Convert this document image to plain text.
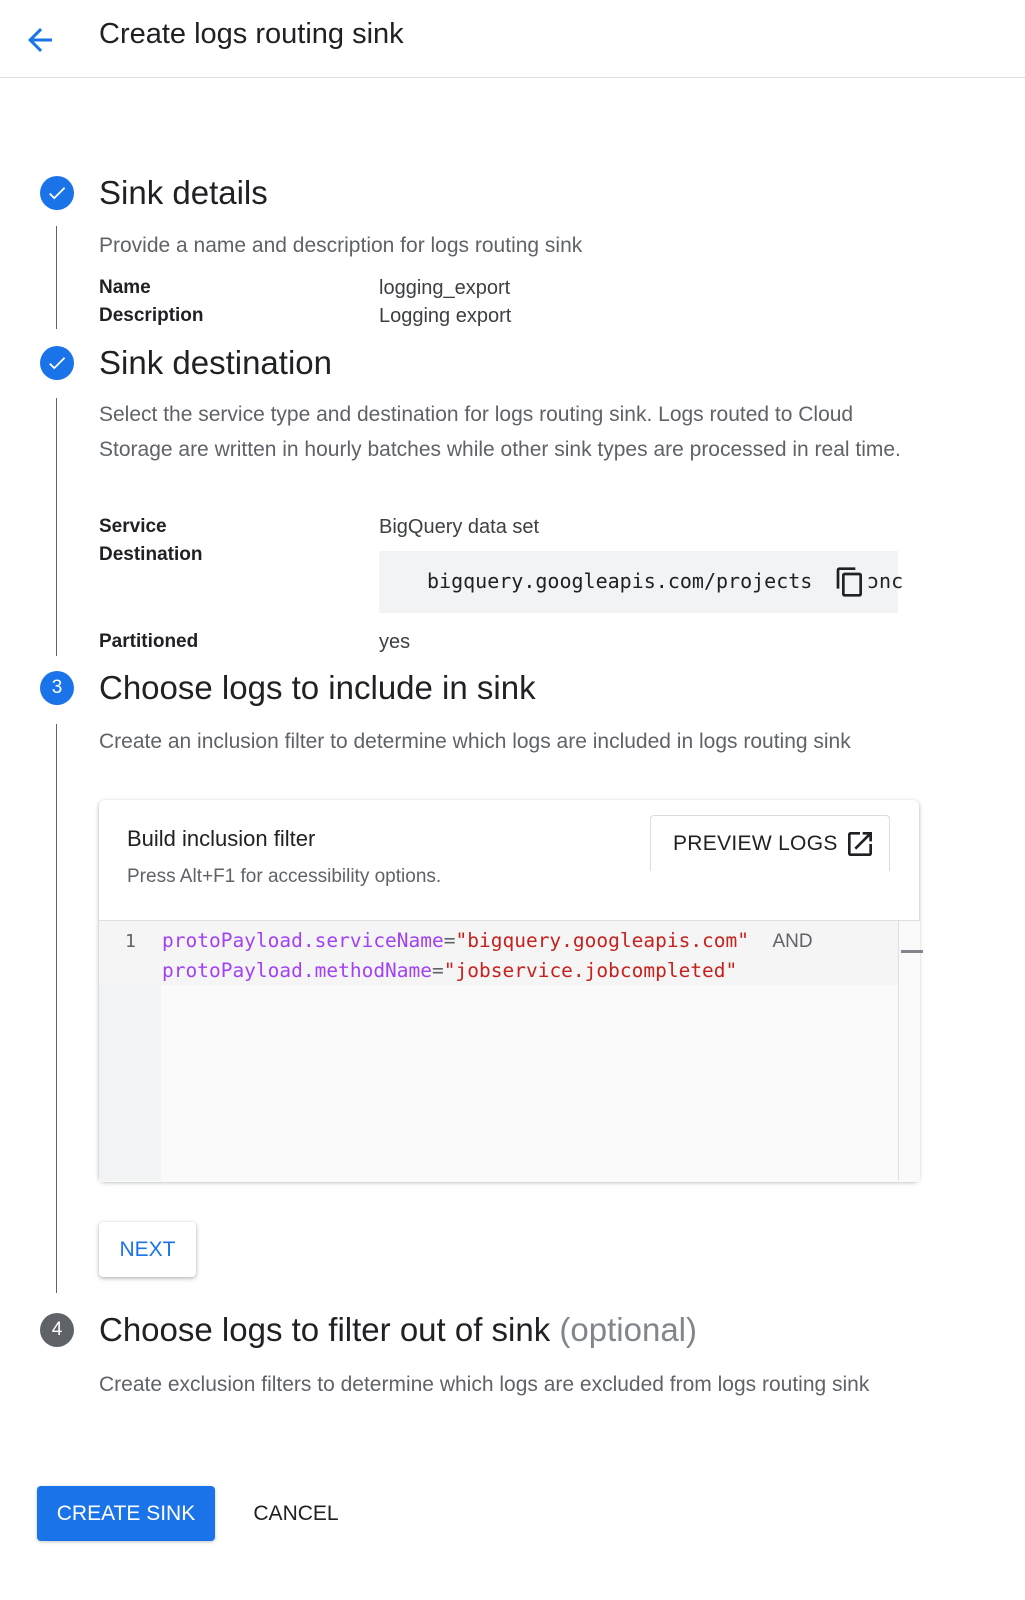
Create logs routing sink
Sink details
Provide a name and description for logs routing sink
Name	logging_export
Description	Logging export
Sink destination
Select the service type and destination for logs routing sink. Logs routed to Cloud Storage are written in hourly batches while other sink types are processed in real time.
Service	BigQuery data set
Destination
bigquery.googleapis.com/projects	ɔnc
Partitioned	yes
3	Choose logs to include in sink
Create an inclusion filter to determine which logs are included in logs routing sink
Build inclusion filter
Press Alt+F1 for accessibility options.
PREVIEW LOGS
1 protoPayload.serviceName="bigquery.googleapis.com" AND
protoPayload.methodName="jobservice.jobcompleted"
NEXT
4	Choose logs to filter out of sink (optional)
Create exclusion filters to determine which logs are excluded from logs routing sink
CREATE SINK	CANCEL
